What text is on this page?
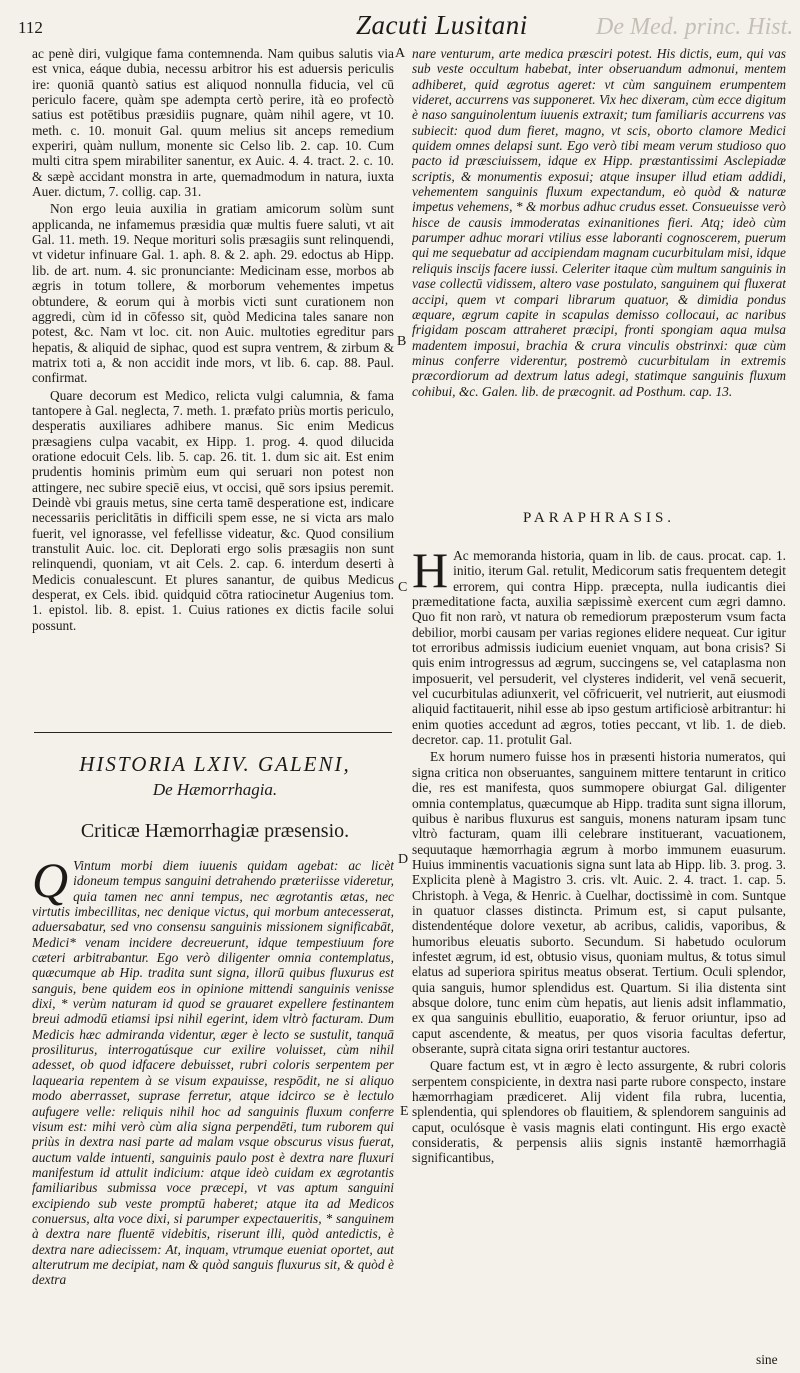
112	Zacuti Lusitani	De Med. princ. Hist.
A
B
C
D
E

ac penè diri, vulgique fama contemnenda. Nam quibus salutis via est vnica, eáque dubia, necessu arbitror his est aduersis periculis ire: quoniā quantò satius est aliquod nonnulla fiducia, vel cū periculo facere, quàm spe adempta certò perire, ità eo profectò satius est potētibus præsidiis pugnare, quàm nihil agere, vt 10. meth. c. 10. monuit Gal. quum melius sit anceps remedium experiri, quàm nullum, monente sic Celso lib. 2. cap. 10. Cum multi citra spem mirabiliter sanentur, ex Auic. 4. 4. tract. 2. c. 10. & sæpè accidant monstra in arte, quemadmodum in natura, iuxta Auer. dictum, 7. collig. cap. 31.

Non ergo leuia auxilia in gratiam amicorum solùm sunt applicanda, ne infamemus præsidia quæ multis fuere saluti, vt ait Gal. 11. meth. 19. Neque morituri solis præsagiis sunt relinquendi, vt videtur infinuare Gal. 1. aph. 8. & 2. aph. 29. edoctus ab Hipp. lib. de art. num. 4. sic pronunciante: Medicinam esse, morbos ab ægris in totum tollere, & morborum vehementes impetus obtundere, & eorum qui à morbis victi sunt curationem non aggredi, cùm id in cōfesso sit, quòd Medicina tales sanare non potest, &c. Nam vt loc. cit. non Auic. multoties egreditur pars hepatis, & aliquid de siphac, quod est supra ventrem, & zirbum & matrix toti a, & non accidit inde mors, vt lib. 6. cap. 88. Paul. confirmat.

Quare decorum est Medico, relicta vulgi calumnia, & fama tantopere à Gal. neglecta, 7. meth. 1. præfato priùs mortis periculo, desperatis auxiliares adhibere manus. Sic enim Medicus præsagiens culpa vacabit, ex Hipp. 1. prog. 4. quod dilucida oratione edocuit Cels. lib. 5. cap. 26. tit. 1. dum sic ait. Est enim prudentis hominis primùm eum qui seruari non potest non attingere, nec subire speciē eius, vt occisi, quē sors ipsius peremit. Deindè vbi grauis metus, sine certa tamē desperatione est, indicare necessariis periclitātis in difficili spem esse, ne si victa ars malo fuerit, vel ignorasse, vel fefellisse videatur, &c. Quod consilium transtulit Auic. loc. cit. Deplorati ergo solis præsagiis non sunt relinquendi, quoniam, vt ait Cels. 2. cap. 6. interdum deserti à Medicis conualescunt. Et plures sanantur, de quibus Medicus desperat, ex Cels. ibid. quidquid cōtra ratiocinetur Augenius tom. 1. epistol. lib. 8. epist. 1. Cuius rationes ex dictis facile solui possunt.

HISTORIA LXIV. GALENI,
De Hæmorrhagia.
Criticæ Hæmorrhagiæ præsensio.
Q Vintum morbi diem iuuenis quidam agebat: ac licèt idoneum tempus sanguini detrahendo præteriisse videretur, quia tamen nec anni tempus, nec ægrotantis ætas, nec virtutis imbecillitas, nec denique victus, qui morbum antecesserat, aduersabatur, sed vno consensu sanguinis missionem significabāt, Medici* venam incidere decreuerunt, idque tempestiuum fore cæteri arbitrabantur. Ego verò diligenter omnia contemplatus, quæcumque ab Hip. tradita sunt signa, illorū quibus fluxurus est sanguis, bene quidem eos in opinione mittendi sanguinis venisse dixi, * verùm naturam id quod se grauaret expellere festinantem breui admodū etiamsi ipsi nihil egerint, idem vltrò facturam. Dum Medicis hæc admiranda videntur, æger è lecto se sustulit, tanquā prosiliturus, interrogatúsque cur exilire voluisset, cùm nihil adesset, ob quod idfacere debuisset, rubri coloris serpentem per laquearia repentem à se visum expauisse, respōdit, ne si aliquo modo aberrasset, suprase ferretur, atque idcirco se è lectulo aufugere velle: reliquis nihil hoc ad sanguinis fluxum conferre visum est: mihi verò cùm alia signa perpendēti, tum ruborem qui priùs in dextra nasi parte ad malam vsque obscurus visus fuerat, auctum valde intuenti, sanguinis paulo post è dextra nare fluxuri manifestum id attulit indicium: atque ideò cuidam ex ægrotantis familiaribus submissa voce præcepi, vt vas aptum sanguini excipiendo sub veste promptū haberet; atque ita ad Medicos conuersus, alta voce dixi, si parumper expectaueritis, * sanguinem à dextra nare fluentē videbitis, riserunt illi, quòd antedictis, è dextra nare adiecissem: At, inquam, vtrumque eueniat oportet, aut alterutrum me decipiat, nam & quòd sanguis fluxurus sit, & quòd è dextra

nare venturum, arte medica præsciri potest. His dictis, eum, qui vas sub veste occultum habebat, inter obseruandum admonui, mentem adhiberet, quid ægrotus ageret: vt cùm sanguinem erumpentem videret, accurrens vas supponeret. Vix hec dixeram, cùm ecce digitum è naso sanguinolentum iuuenis extraxit; tum familiaris accurrens vas subiecit: quod dum fieret, magno, vt scis, oborto clamore Medici quidem omnes delapsi sunt. Ego verò tibi meam verum studioso quo pacto id præsciuissem, idque ex Hipp. præstantissimi Asclepiadæ scriptis, & monumentis exposui; atque insuper illud etiam addidi, vehementem sanguinis fluxum expectandum, eò quòd & naturæ impetus vehemens, * & morbus adhuc crudus esset. Consueuisse verò hisce de causis immoderatas exinanitiones fieri. Atq; ideò cùm parumper adhuc morari vtilius esse laboranti cognoscerem, puerum qui me sequebatur ad accipiendam magnam cucurbitulam misi, idque reliquis inscijs facere iussi. Celeriter itaque cùm multum sanguinis in vase collectū vidissem, altero vase postulato, sanguinem qui fluxerat accipi, quem vt compari librarum quatuor, & dimidia pondus æquare, ægrum capite in scapulas demisso collocaui, ac naribus frigidam poscam attraheret præcipi, fronti spongiam aqua mulsa madentem imposui, brachia & crura vinculis obstrinxi: quæ cùm minus conferre viderentur, postremò cucurbitulam in extremis præcordiorum ad dextrum latus adegi, statimque sanguinis fluxum cohibui, &c. Galen. lib. de præcognit. ad Posthum. cap. 13.

PARAPHRASIS.

H Ac memoranda historia, quam in lib. de caus. procat. cap. 1. initio, iterum Gal. retulit, Medicorum satis frequentem detegit errorem, qui contra Hipp. præcepta, nulla iudicantis diei præmeditatione facta, auxilia sæpissimè exercent cum ægri damno. Quo fit non rarò, vt natura ob remediorum præposterum vsum facta debilior, morbi causam per varias regiones elidere nequeat. Cur igitur tot erroribus admissis iudicium eueniet vnquam, aut bona crisis? Si quis enim introgressus ad ægrum, succingens se, vel cataplasma non imposuerit, vel persuderit, vel clysteres indiderit, vel venā secuerit, vel cucurbitulas adiunxerit, vel cōfricuerit, vel nutrierit, aut eiusmodi aliquid factitauerit, nihil esse ab ipso gestum artificiosè arbitrantur: hi enim quoties accedunt ad ægros, toties peccant, vt lib. 1. de dieb. decretor. cap. 11. protulit Gal.

Ex horum numero fuisse hos in præsenti historia numeratos, qui signa critica non obseruantes, sanguinem mittere tentarunt in critico die, res est manifesta, quos summopere obiurgat Gal. diligenter omnia contemplatus, quæcumque ab Hipp. tradita sunt signa illorum, quibus è naribus fluxurus est sanguis, monens naturam ipsam tunc vltrò facturam, quam illi celebrare instituerant, vacuationem, sequutaque hæmorrhagia ægrum à morbo immunem euasurum. Huius imminentis vacuationis signa sunt lata ab Hipp. lib. 3. prog. 3. Explicita plenè à Magistro 3. cris. vlt. Auic. 2. 4. tract. 1. cap. 5. Christoph. à Vega, & Henric. à Cuelhar, doctissimè in com. Suntque in quatuor classes distincta. Primum est, si caput pulsante, distendentéque dolore vexetur, ab acribus, calidis, vaporibus, & humoribus eleuatis suborto. Secundum. Si habetudo oculorum infestet ægrum, id est, obtusio visus, quoniam multus, & totus simul elatus ad superiora spiritus meatus obserat. Tertium. Oculi splendor, quia sanguis, humor splendidus est. Quartum. Si ilia distenta sint absque dolore, tunc enim cùm hepatis, aut lienis adsit inflammatio, ex qua sanguinis ebullitio, euaporatio, & feruor oriuntur, ipso ad caput ascendente, & meatus, per quos visoria facultas defertur, obserante, suprà citata signa oriri testantur auctores.

Quare factum est, vt in ægro è lecto assurgente, & rubri coloris serpentem conspiciente, in dextra nasi parte rubore conspecto, instare hæmorrhagiam prædiceret. Alij vident fila rubra, lucentia, splendentia, qui splendores ob flauitiem, & splendorem sanguinis ad caput, oculósque è vasis magnis elati contingunt. His ergo exactè consideratis, & perpensis aliis signis instantē hæmorrhagiā significantibus,

sine
